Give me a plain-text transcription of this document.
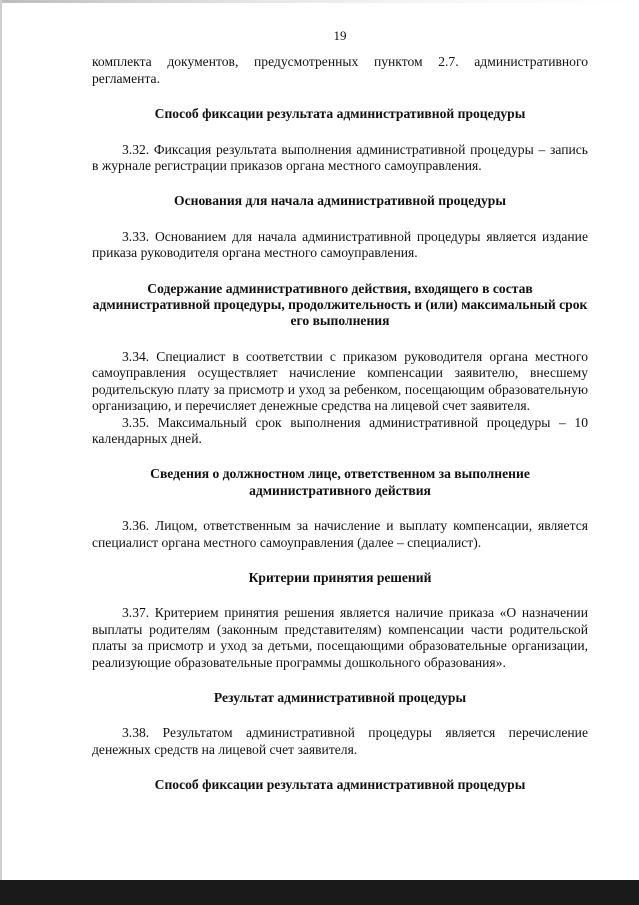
19

комплекта документов, предусмотренных пунктом 2.7. административного регламента.

Способ фиксации результата административной процедуры

3.32. Фиксация результата выполнения административной процедуры – запись в журнале регистрации приказов органа местного самоуправления.

Основания для начала административной процедуры

3.33. Основанием для начала административной процедуры является издание приказа руководителя органа местного самоуправления.

Содержание административного действия, входящего в состав административной процедуры, продолжительность и (или) максимальный срок его выполнения

3.34. Специалист в соответствии с приказом руководителя органа местного самоуправления осуществляет начисление компенсации заявителю, внесшему родительскую плату за присмотр и уход за ребенком, посещающим образовательную организацию, и перечисляет денежные средства на лицевой счет заявителя.

3.35. Максимальный срок выполнения административной процедуры – 10 календарных дней.

Сведения о должностном лице, ответственном за выполнение административного действия

3.36. Лицом, ответственным за начисление и выплату компенсации, является специалист органа местного самоуправления (далее – специалист).

Критерии принятия решений

3.37. Критерием принятия решения является наличие приказа «О назначении выплаты родителям (законным представителям) компенсации части родительской платы за присмотр и уход за детьми, посещающими образовательные организации, реализующие образовательные программы дошкольного образования».

Результат административной процедуры

3.38. Результатом административной процедуры является перечисление денежных средств на лицевой счет заявителя.

Способ фиксации результата административной процедуры
